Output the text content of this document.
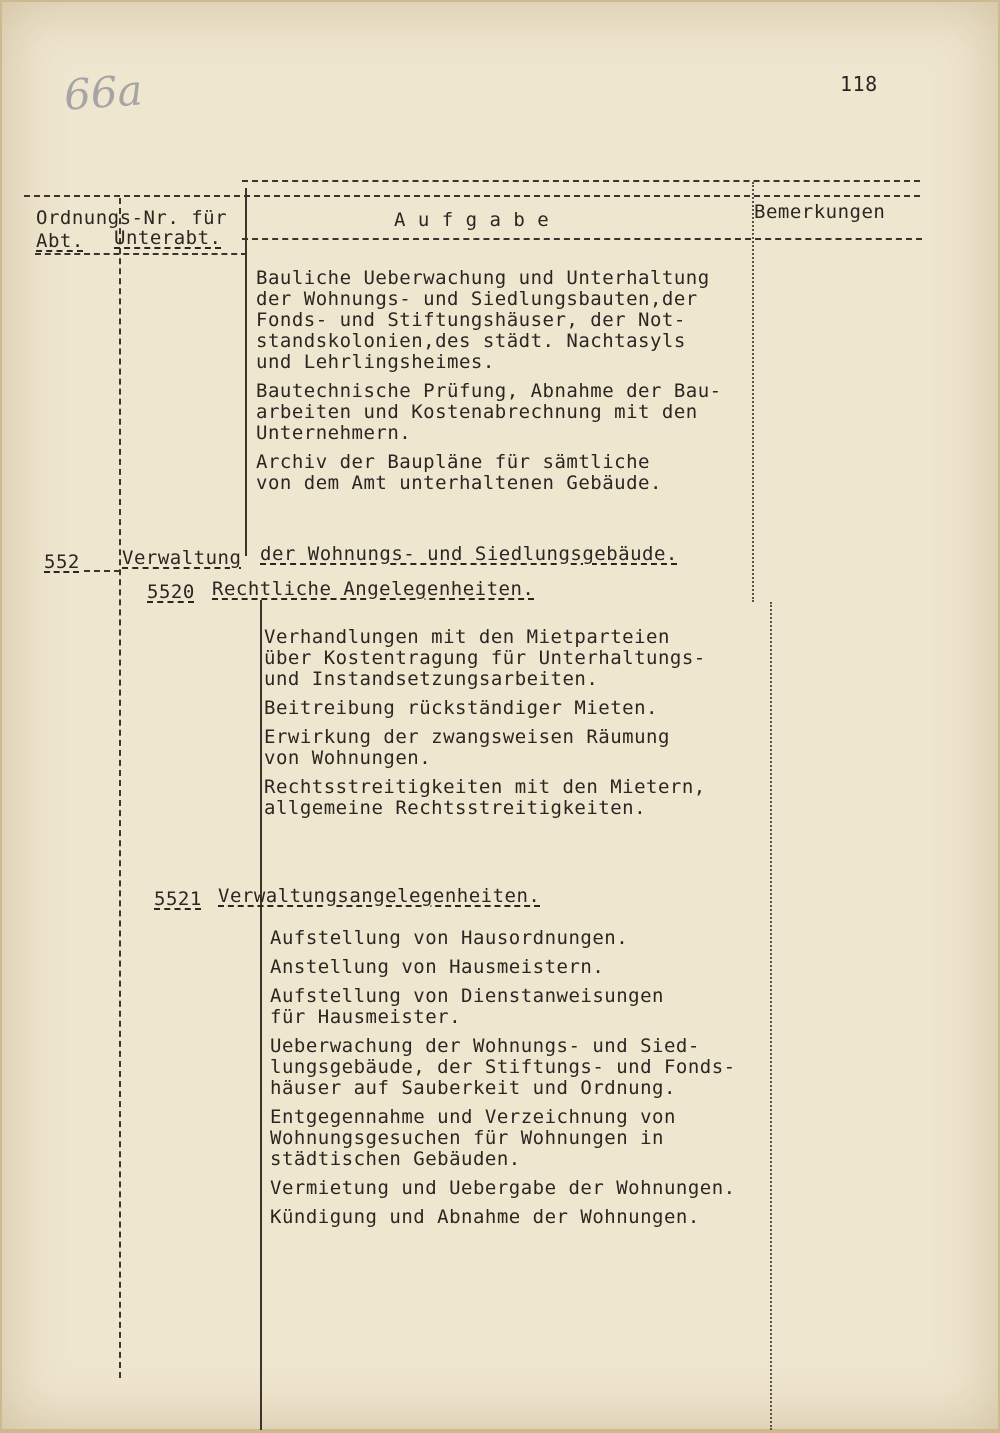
66a	118
Ordnungs-Nr. für
Abt. Unterabt.
A u f g a b e	Bemerkungen
Bauliche Ueberwachung und Unterhaltung
der Wohnungs- und Siedlungsbauten,der
Fonds- und Stiftungshäuser, der Not-
standskolonien,des städt. Nachtasyls
und Lehrlingsheimes.
Bautechnische Prüfung, Abnahme der Bau-
arbeiten und Kostenabrechnung mit den
Unternehmern.
Archiv der Baupläne für sämtliche
von dem Amt unterhaltenen Gebäude.
552 Verwaltung der Wohnungs- und Siedlungsgebäude.
5520 Rechtliche Angelegenheiten.
Verhandlungen mit den Mietparteien
über Kostentragung für Unterhaltungs-
und Instandsetzungsarbeiten.
Beitreibung rückständiger Mieten.
Erwirkung der zwangsweisen Räumung
von Wohnungen.
Rechtsstreitigkeiten mit den Mietern,
allgemeine Rechtsstreitigkeiten.
5521 Verwaltungsangelegenheiten.
Aufstellung von Hausordnungen.
Anstellung von Hausmeistern.
Aufstellung von Dienstanweisungen
für Hausmeister.
Ueberwachung der Wohnungs- und Sied-
lungsgebäude, der Stiftungs- und Fonds-
häuser auf Sauberkeit und Ordnung.
Entgegennahme und Verzeichnung von
Wohnungsgesuchen für Wohnungen in
städtischen Gebäuden.
Vermietung und Uebergabe der Wohnungen.
Kündigung und Abnahme der Wohnungen.
